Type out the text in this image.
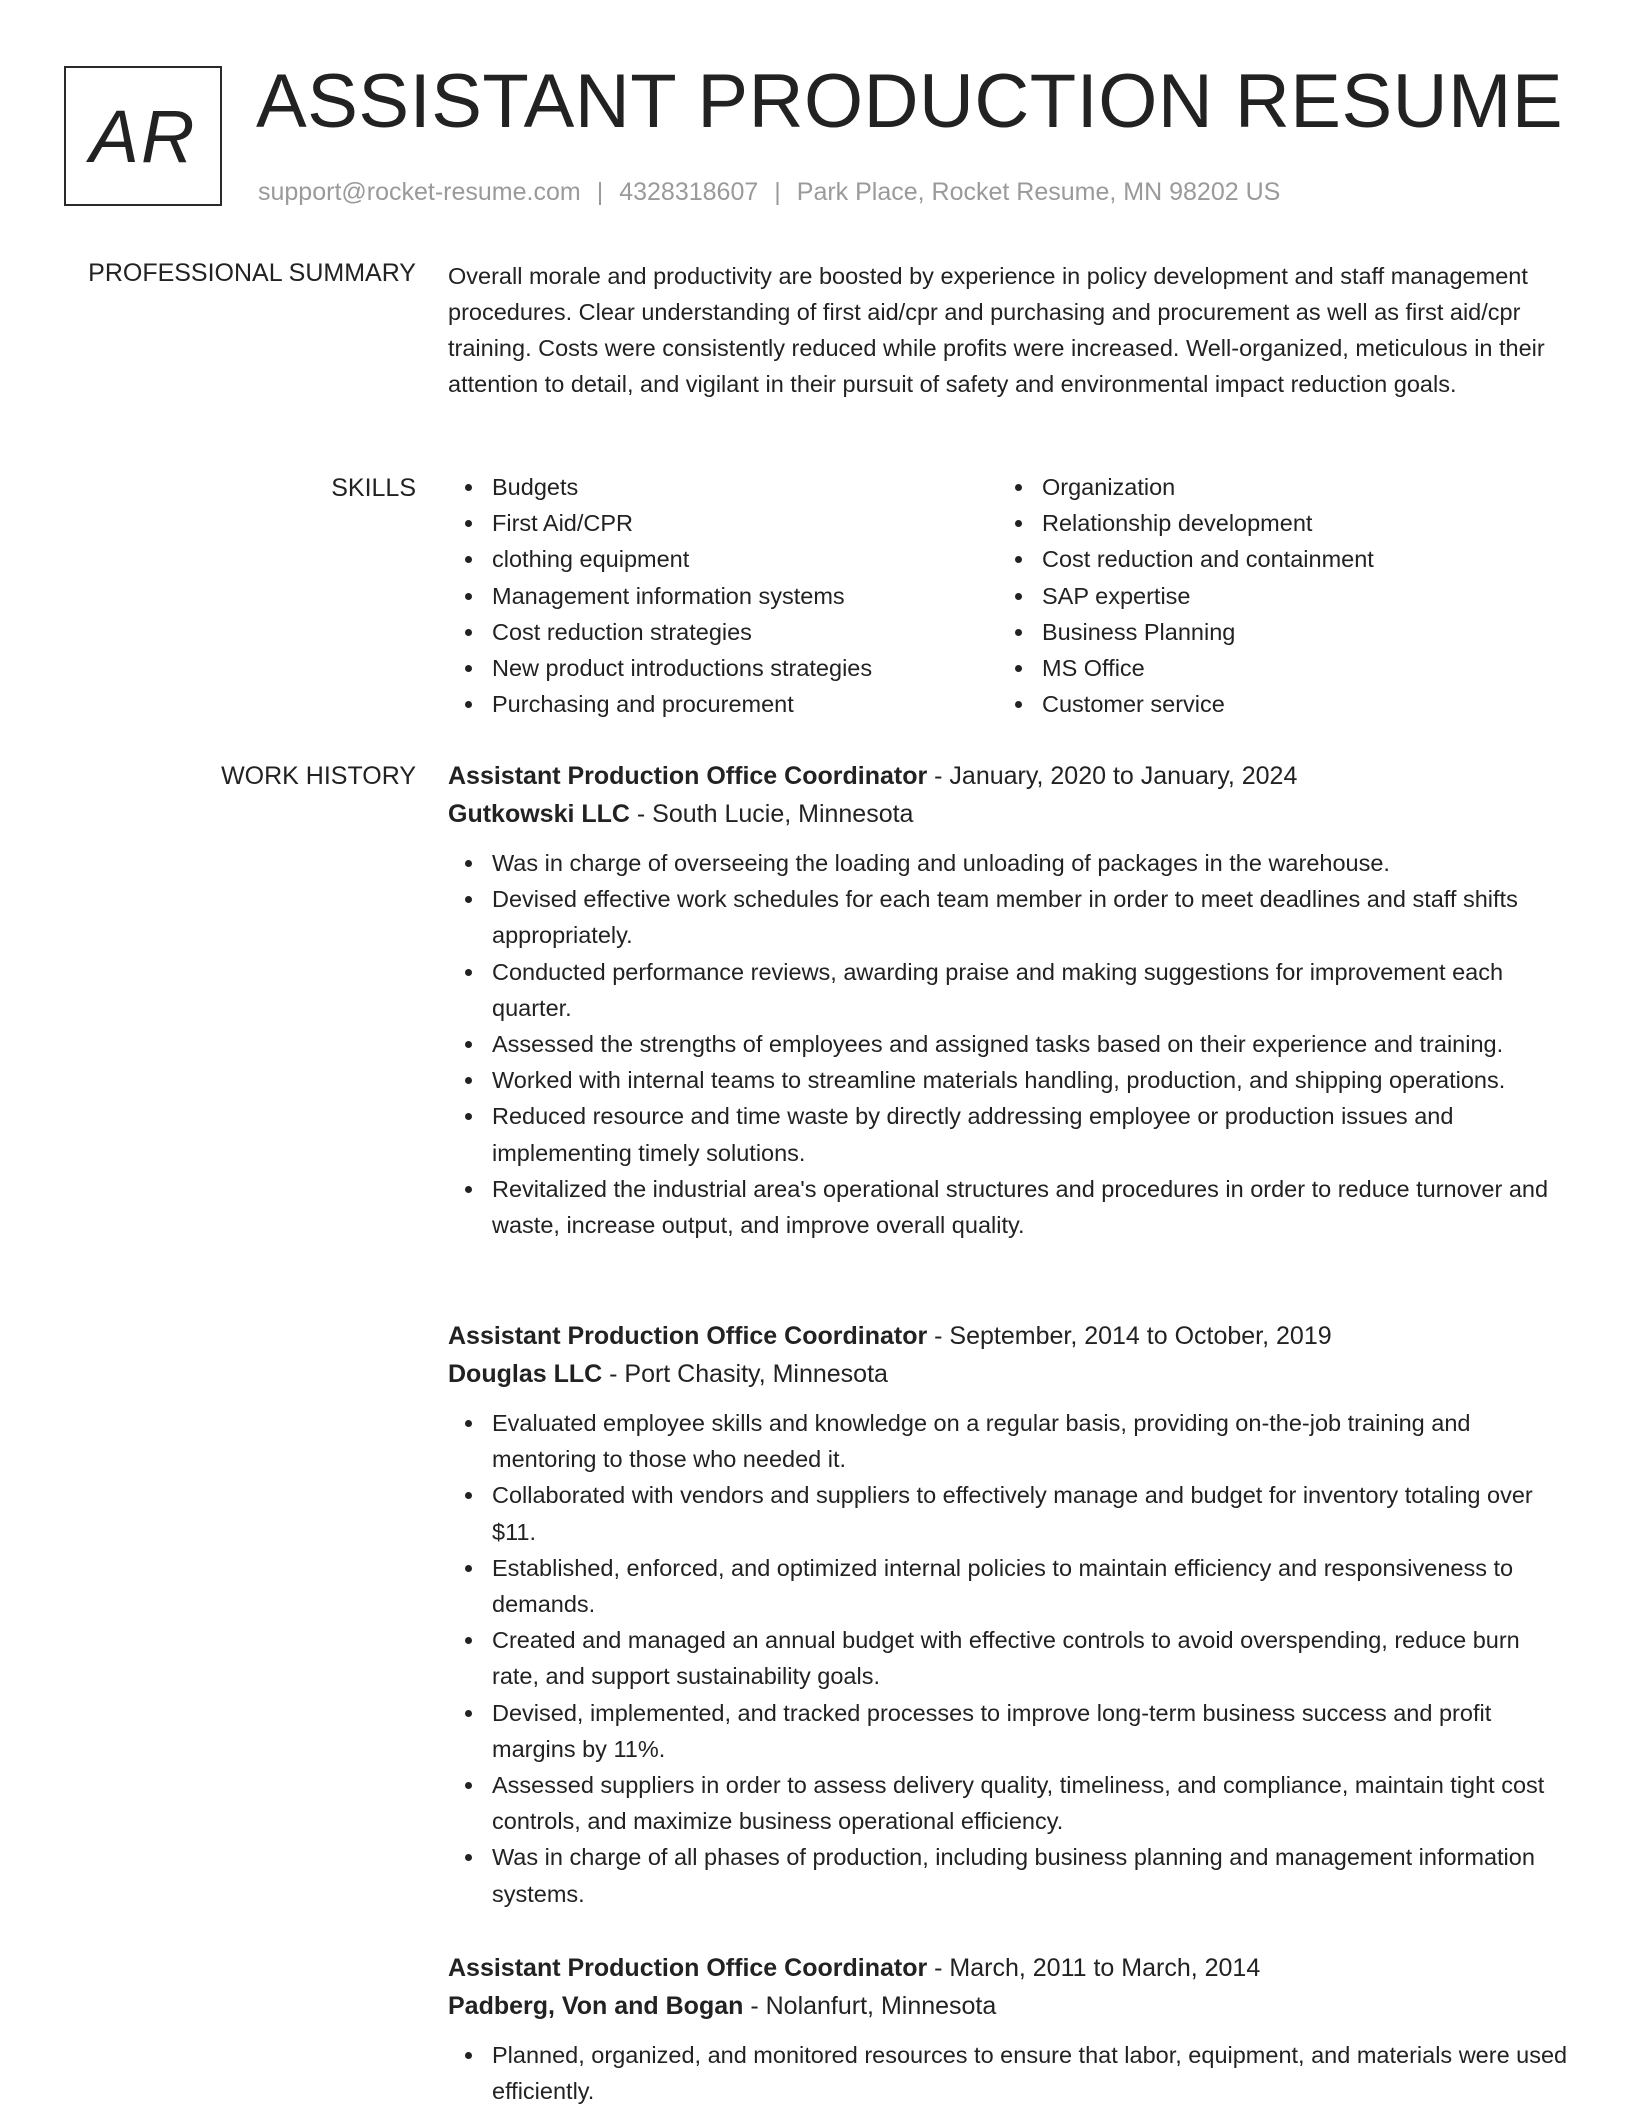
AR ASSISTANT PRODUCTION RESUME
support@rocket-resume.com | 4328318607 | Park Place, Rocket Resume, MN 98202 US
PROFESSIONAL SUMMARY Overall morale and productivity are boosted by experience in policy development and staff management procedures. Clear understanding of first aid/cpr and purchasing and procurement as well as first aid/cpr training. Costs were consistently reduced while profits were increased. Well-organized, meticulous in their attention to detail, and vigilant in their pursuit of safety and environmental impact reduction goals.

SKILLS	Budgets
First Aid/CPR
clothing equipment
Management information systems
Cost reduction strategies
New product introductions strategies
Purchasing and procurement
Organization
Relationship development
Cost reduction and containment
SAP expertise
Business Planning
MS Office
Customer service
WORK HISTORY Assistant Production Office Coordinator - January, 2020 to January, 2024
Gutkowski LLC - South Lucie, Minnesota
Was in charge of overseeing the loading and unloading of packages in the warehouse.
Devised effective work schedules for each team member in order to meet deadlines and staff shifts appropriately.
Conducted performance reviews, awarding praise and making suggestions for improvement each quarter.
Assessed the strengths of employees and assigned tasks based on their experience and training.
Worked with internal teams to streamline materials handling, production, and shipping operations.
Reduced resource and time waste by directly addressing employee or production issues and implementing timely solutions.
Revitalized the industrial area's operational structures and procedures in order to reduce turnover and waste, increase output, and improve overall quality.
Assistant Production Office Coordinator - September, 2014 to October, 2019
Douglas LLC - Port Chasity, Minnesota
Evaluated employee skills and knowledge on a regular basis, providing on-the-job training and mentoring to those who needed it.
Collaborated with vendors and suppliers to effectively manage and budget for inventory totaling over $11.
Established, enforced, and optimized internal policies to maintain efficiency and responsiveness to demands.
Created and managed an annual budget with effective controls to avoid overspending, reduce burn rate, and support sustainability goals.
Devised, implemented, and tracked processes to improve long-term business success and profit margins by 11%.
Assessed suppliers in order to assess delivery quality, timeliness, and compliance, maintain tight cost controls, and maximize business operational efficiency.
Was in charge of all phases of production, including business planning and management information systems.
Assistant Production Office Coordinator - March, 2011 to March, 2014
Padberg, Von and Bogan - Nolanfurt, Minnesota
Planned, organized, and monitored resources to ensure that labor, equipment, and materials were used efficiently.
